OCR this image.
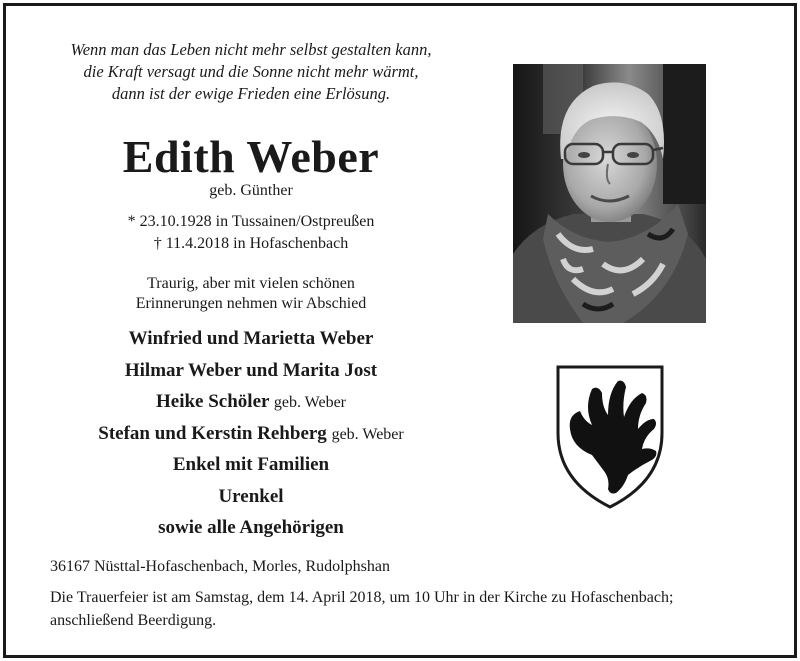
Wenn man das Leben nicht mehr selbst gestalten kann,
die Kraft versagt und die Sonne nicht mehr wärmt,
dann ist der ewige Frieden eine Erlösung.
Edith Weber
geb. Günther
* 23.10.1928 in Tussainen/Ostpreußen
† 11.4.2018 in Hofaschenbach
Traurig, aber mit vielen schönen
Erinnerungen nehmen wir Abschied
Winfried und Marietta Weber
Hilmar Weber und Marita Jost
Heike Schöler geb. Weber
Stefan und Kerstin Rehberg geb. Weber
Enkel mit Familien
Urenkel
sowie alle Angehörigen
36167 Nüsttal-Hofaschenbach, Morles, Rudolphshan
Die Trauerfeier ist am Samstag, dem 14. April 2018, um 10 Uhr in der Kirche zu Hofaschenbach;
anschließend Beerdigung.
